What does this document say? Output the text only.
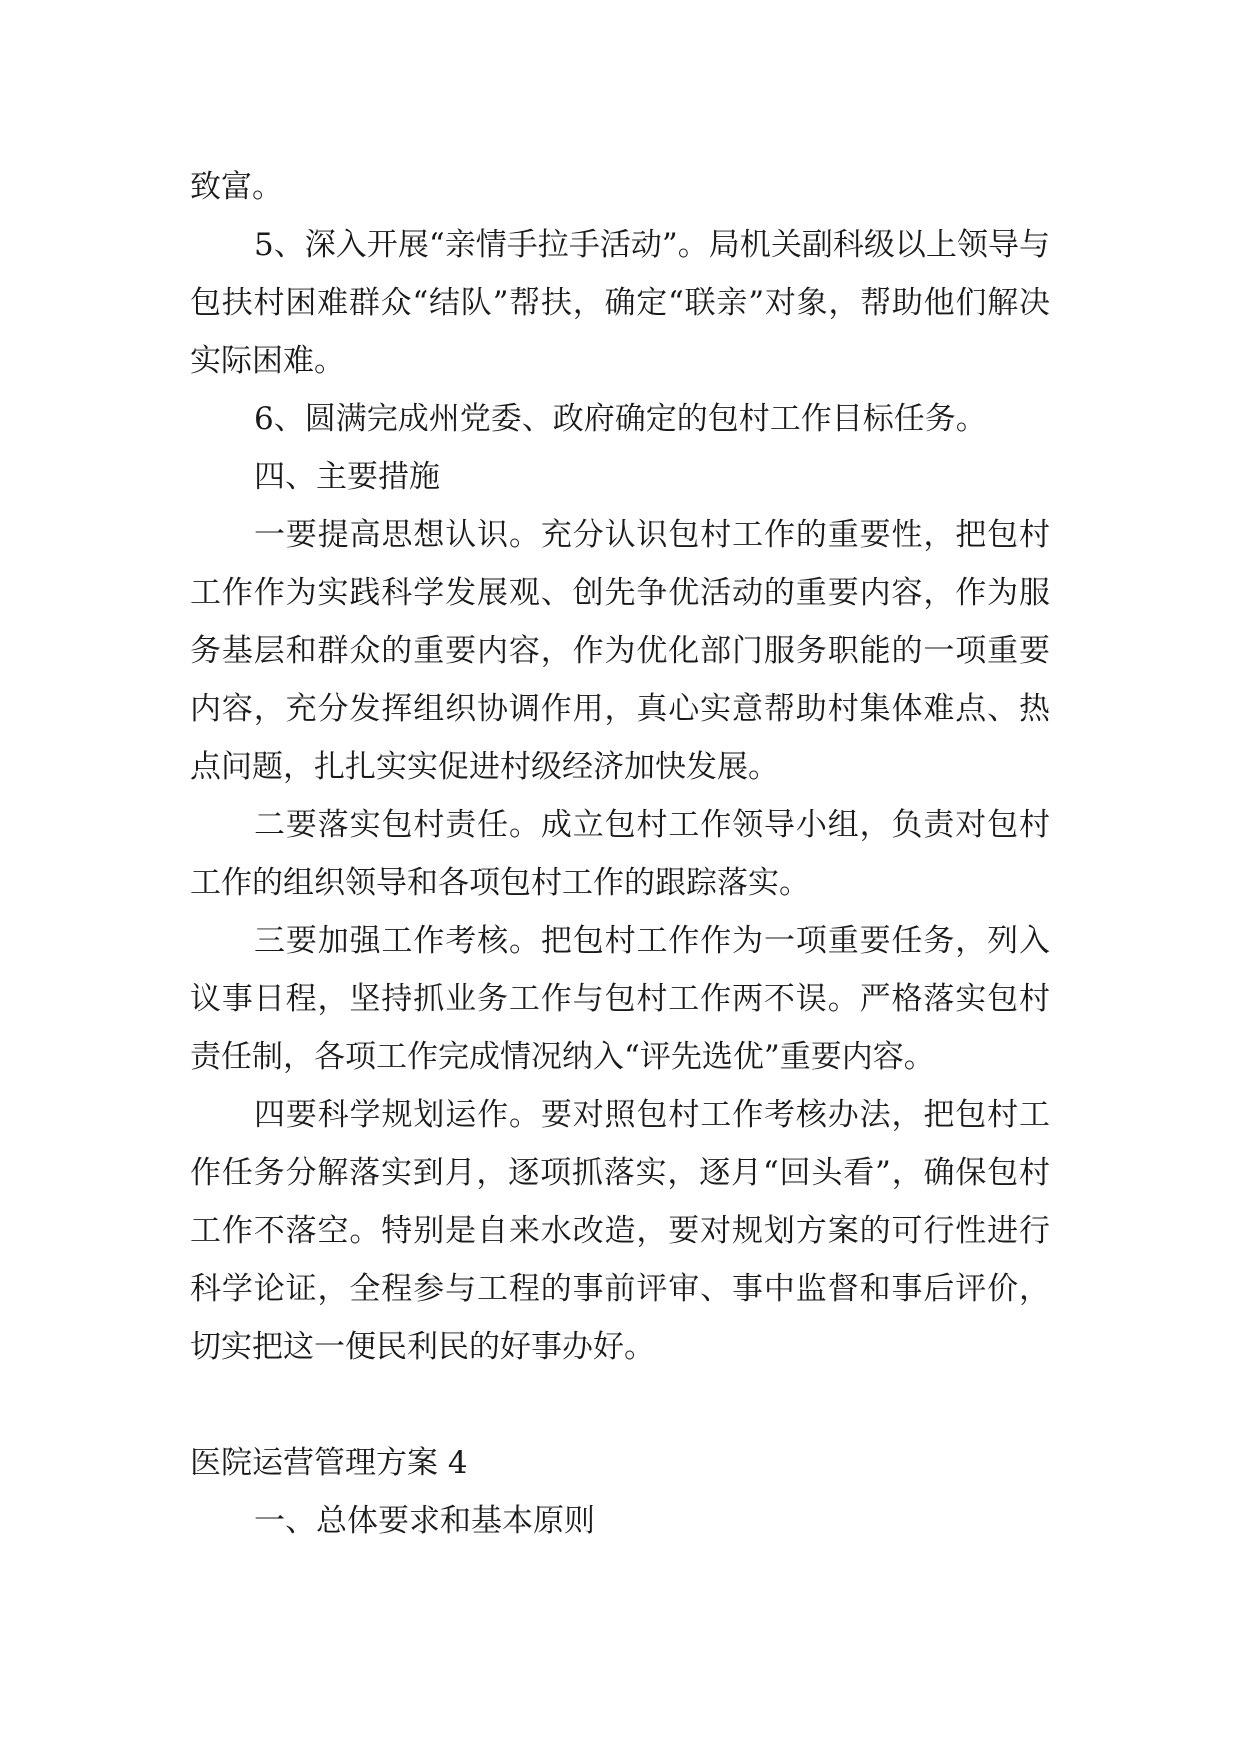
致富。

5、深入开展“亲情手拉手活动”。局机关副科级以上领导与包扶村困难群众“结队”帮扶，确定“联亲”对象，帮助他们解决实际困难。

6、圆满完成州党委、政府确定的包村工作目标任务。

四、主要措施

一要提高思想认识。充分认识包村工作的重要性，把包村工作作为实践科学发展观、创先争优活动的重要内容，作为服务基层和群众的重要内容，作为优化部门服务职能的一项重要内容，充分发挥组织协调作用，真心实意帮助村集体难点、热点问题，扎扎实实促进村级经济加快发展。

二要落实包村责任。成立包村工作领导小组，负责对包村工作的组织领导和各项包村工作的跟踪落实。

三要加强工作考核。把包村工作作为一项重要任务，列入议事日程，坚持抓业务工作与包村工作两不误。严格落实包村责任制，各项工作完成情况纳入“评先选优”重要内容。

四要科学规划运作。要对照包村工作考核办法，把包村工作任务分解落实到月，逐项抓落实，逐月“回头看”，确保包村工作不落空。特别是自来水改造，要对规划方案的可行性进行科学论证，全程参与工程的事前评审、事中监督和事后评价，切实把这一便民利民的好事办好。

医院运营管理方案 4

一、总体要求和基本原则
